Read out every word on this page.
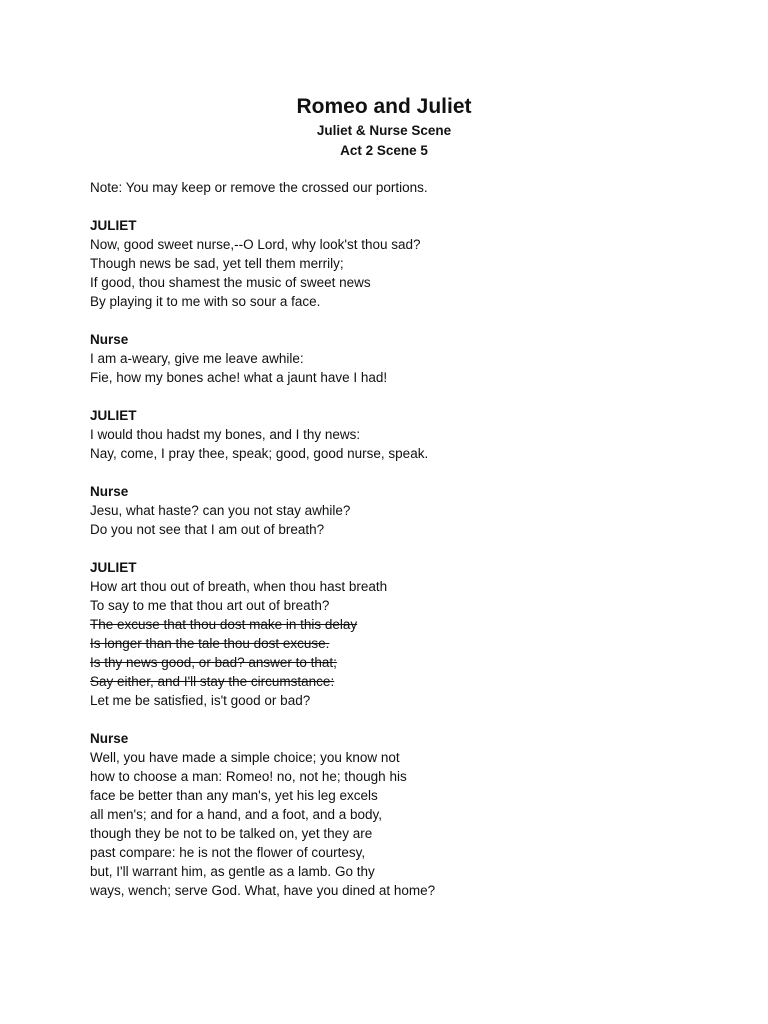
Romeo and Juliet
Juliet & Nurse Scene
Act 2 Scene 5
Note: You may keep or remove the crossed our portions.
JULIET
Now, good sweet nurse,--O Lord, why look'st thou sad?
Though news be sad, yet tell them merrily;
If good, thou shamest the music of sweet news
By playing it to me with so sour a face.
Nurse
I am a-weary, give me leave awhile:
Fie, how my bones ache! what a jaunt have I had!
JULIET
I would thou hadst my bones, and I thy news:
Nay, come, I pray thee, speak; good, good nurse, speak.
Nurse
Jesu, what haste? can you not stay awhile?
Do you not see that I am out of breath?
JULIET
How art thou out of breath, when thou hast breath
To say to me that thou art out of breath?
The excuse that thou dost make in this delay
Is longer than the tale thou dost excuse.
Is thy news good, or bad? answer to that;
Say either, and I'll stay the circumstance:
Let me be satisfied, is't good or bad?
Nurse
Well, you have made a simple choice; you know not
how to choose a man: Romeo! no, not he; though his
face be better than any man's, yet his leg excels
all men's; and for a hand, and a foot, and a body,
though they be not to be talked on, yet they are
past compare: he is not the flower of courtesy,
but, I'll warrant him, as gentle as a lamb. Go thy
ways, wench; serve God. What, have you dined at home?
